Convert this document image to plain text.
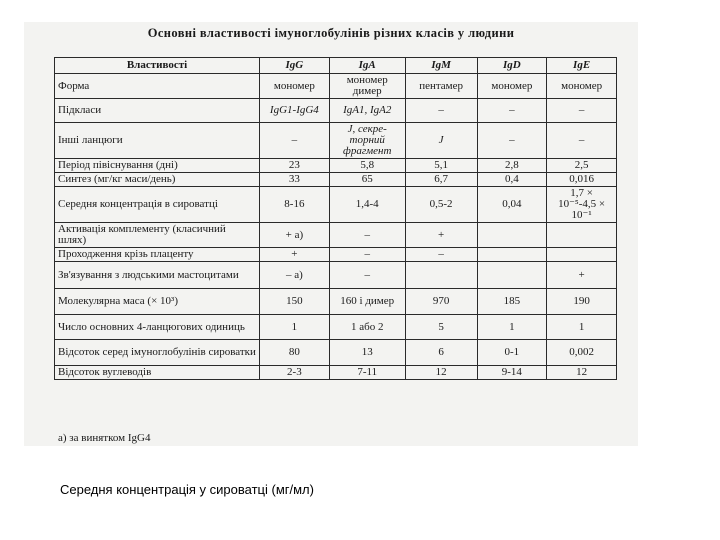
Основні властивості імуноглобулінів різних класів у людини
Властивості	IgG	IgA	IgM	IgD	IgE
Форма	мономер	мономер димер	пентамер	мономер	мономер
Підкласи	IgG1-IgG4	IgA1, IgA2	–	–	–
Інші ланцюги	–	J, секре-торний фрагмент	J	–	–
Період півіснування (дні)	23	5,8	5,1	2,8	2,5
Синтез (мг/кг маси/день)	33	65	6,7	0,4	0,016
Середня концентрація в сироватці	8-16	1,4-4	0,5-2	0,04	1,7 × 10⁻⁵-4,5 × 10⁻¹
Активація комплементу (класичний шлях)	+ а)	–	+		
Проходження крізь плаценту	+	–	–		
Зв'язування з людськими мастоцитами	– а)	–			+
Молекулярна маса (× 10³)	150	160 і димер	970	185	190
Число основних 4-ланцюгових одиниць	1	1 або 2	5	1	1
Відсоток серед імуноглобулінів сироватки	80	13	6	0-1	0,002
Відсоток вуглеводів	2-3	7-11	12	9-14	12
а) за винятком IgG4
Середня концентрація у сироватці (мг/мл)
